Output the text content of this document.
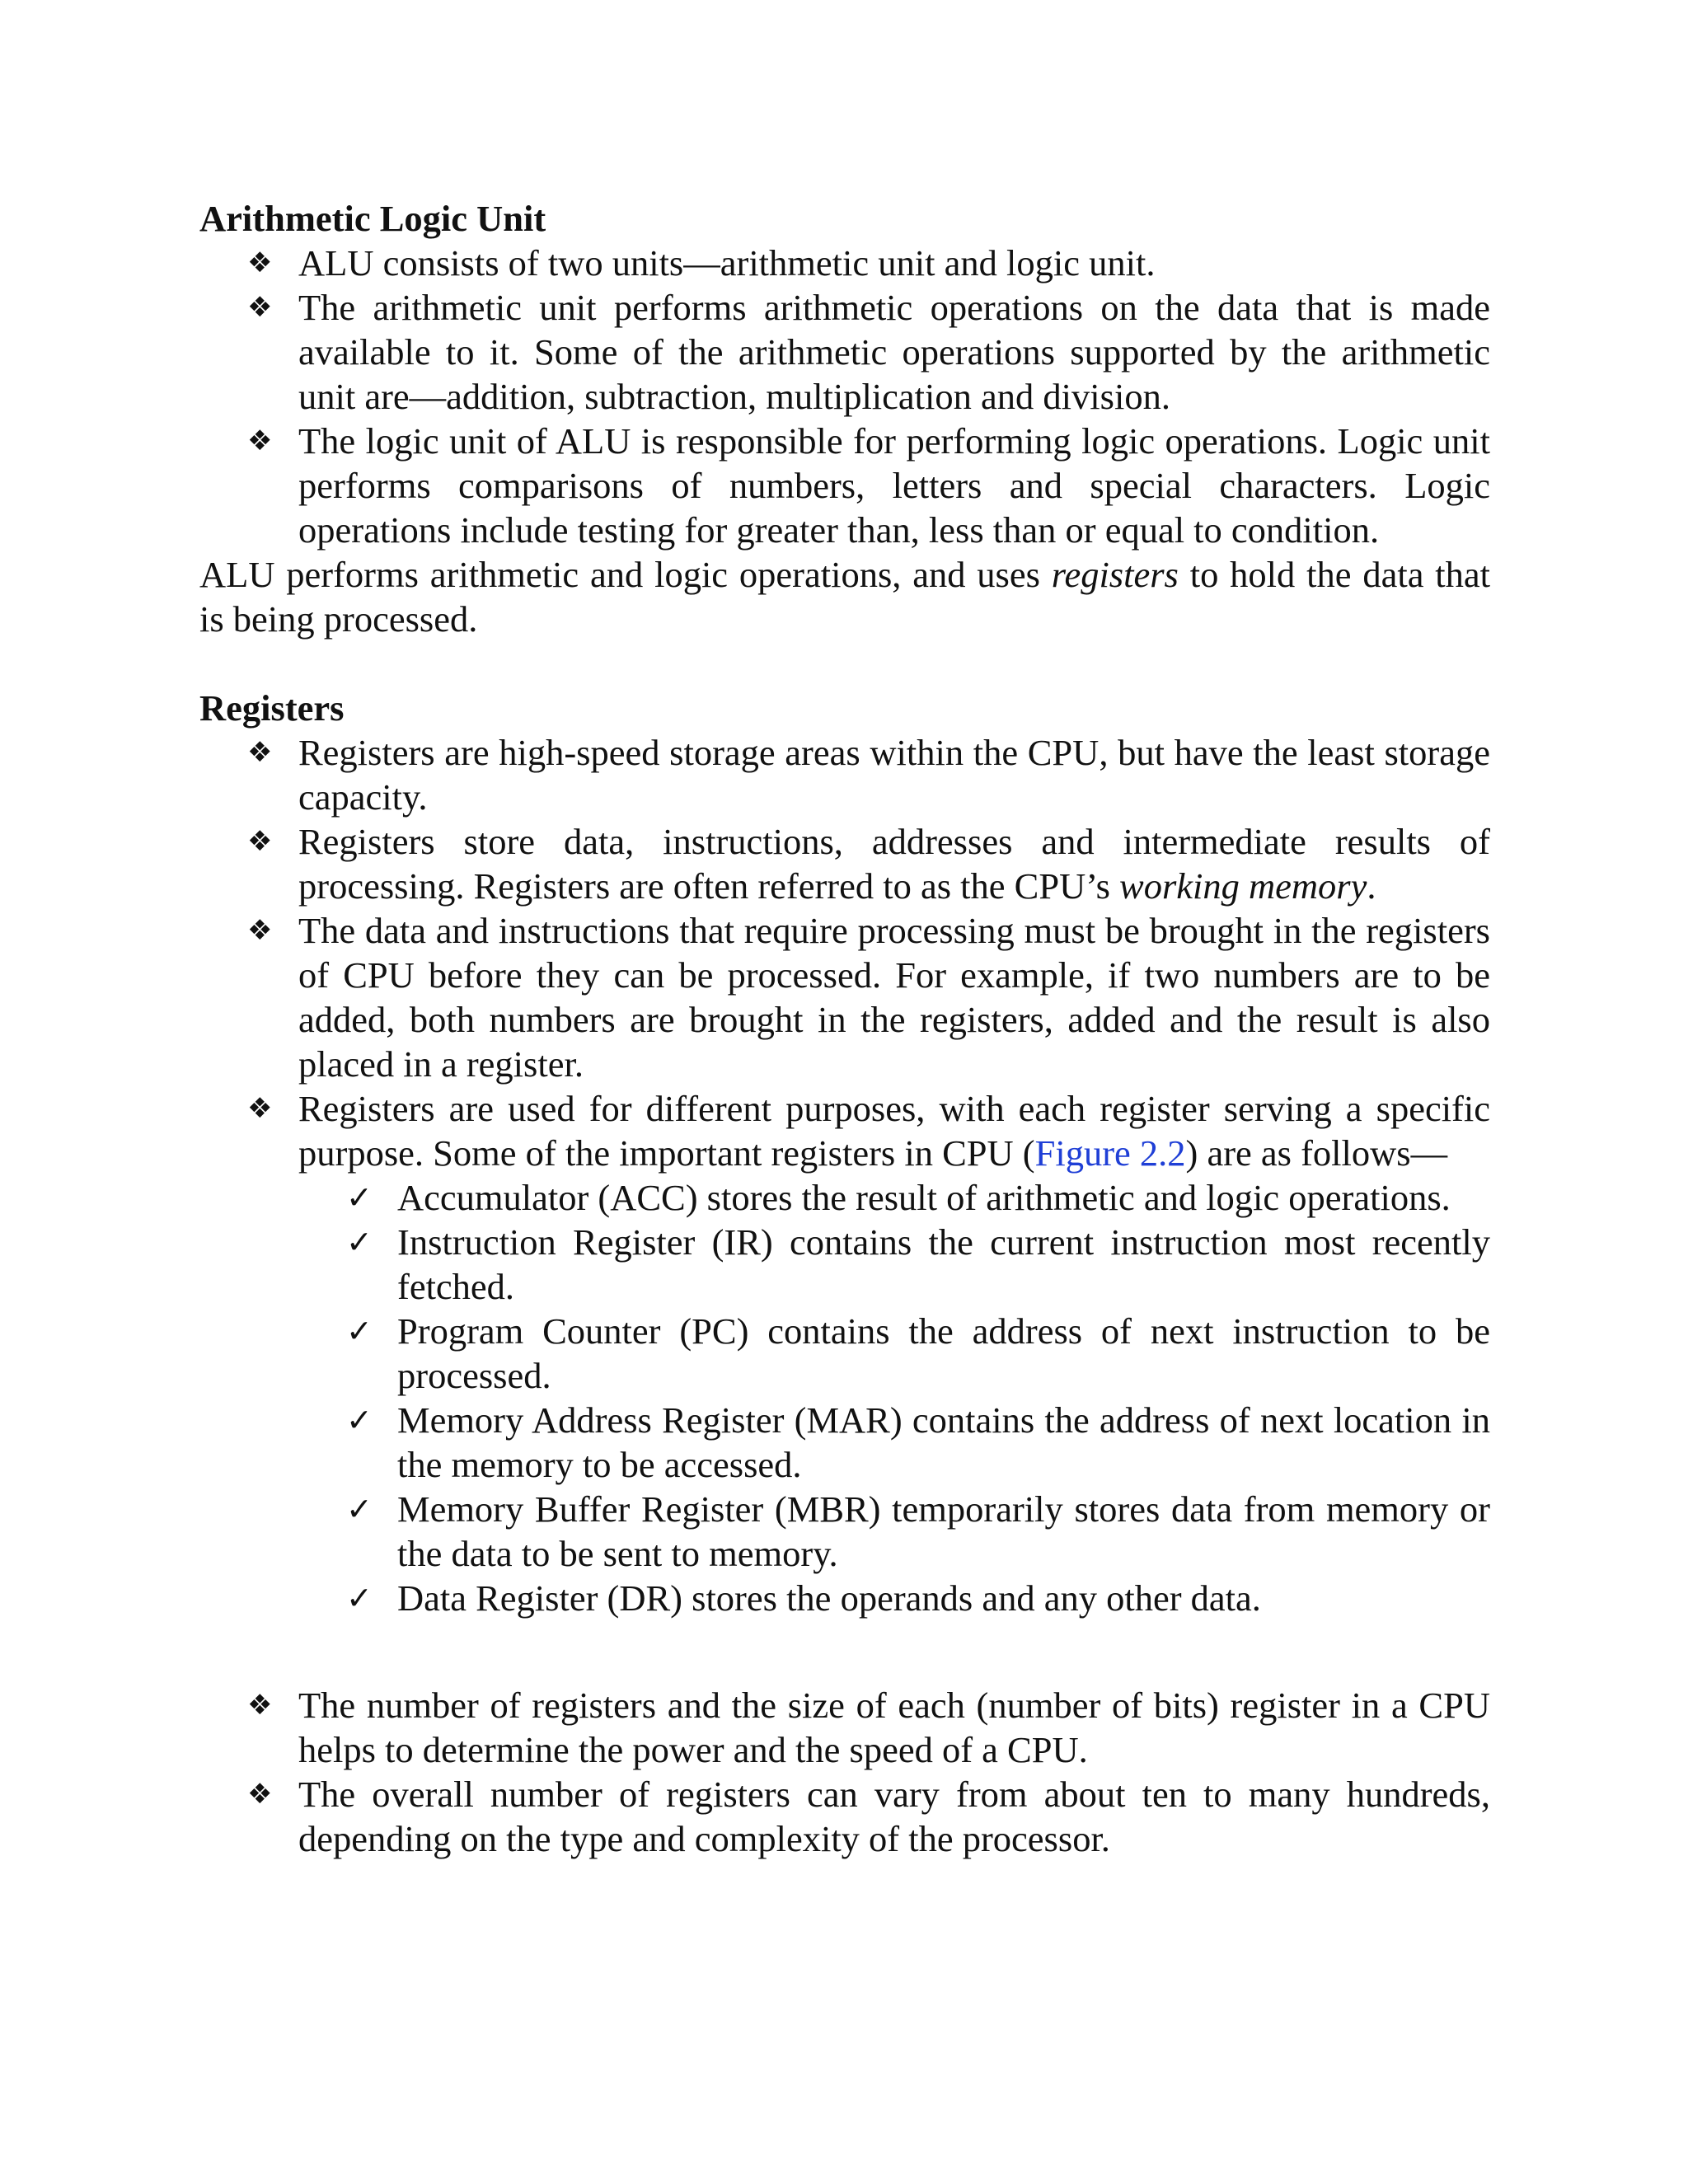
Arithmetic Logic Unit

❖ ALU consists of two units—arithmetic unit and logic unit.
❖ The arithmetic unit performs arithmetic operations on the data that is made available to it. Some of the arithmetic operations supported by the arithmetic unit are—addition, subtraction, multiplication and division.
❖ The logic unit of ALU is responsible for performing logic operations. Logic unit performs comparisons of numbers, letters and special characters. Logic operations include testing for greater than, less than or equal to condition.

ALU performs arithmetic and logic operations, and uses registers to hold the data that is being processed.

Registers

❖ Registers are high-speed storage areas within the CPU, but have the least storage capacity.
❖ Registers store data, instructions, addresses and intermediate results of processing. Registers are often referred to as the CPU’s working memory.
❖ The data and instructions that require processing must be brought in the registers of CPU before they can be processed. For example, if two numbers are to be added, both numbers are brought in the registers, added and the result is also placed in a register.
❖ Registers are used for different purposes, with each register serving a specific purpose. Some of the important registers in CPU (Figure 2.2) are as follows—
✓ Accumulator (ACC) stores the result of arithmetic and logic operations.
✓ Instruction Register (IR) contains the current instruction most recently fetched.
✓ Program Counter (PC) contains the address of next instruction to be processed.
✓ Memory Address Register (MAR) contains the address of next location in the memory to be accessed.
✓ Memory Buffer Register (MBR) temporarily stores data from memory or the data to be sent to memory.
✓ Data Register (DR) stores the operands and any other data.
❖ The number of registers and the size of each (number of bits) register in a CPU helps to determine the power and the speed of a CPU.
❖ The overall number of registers can vary from about ten to many hundreds, depending on the type and complexity of the processor.
